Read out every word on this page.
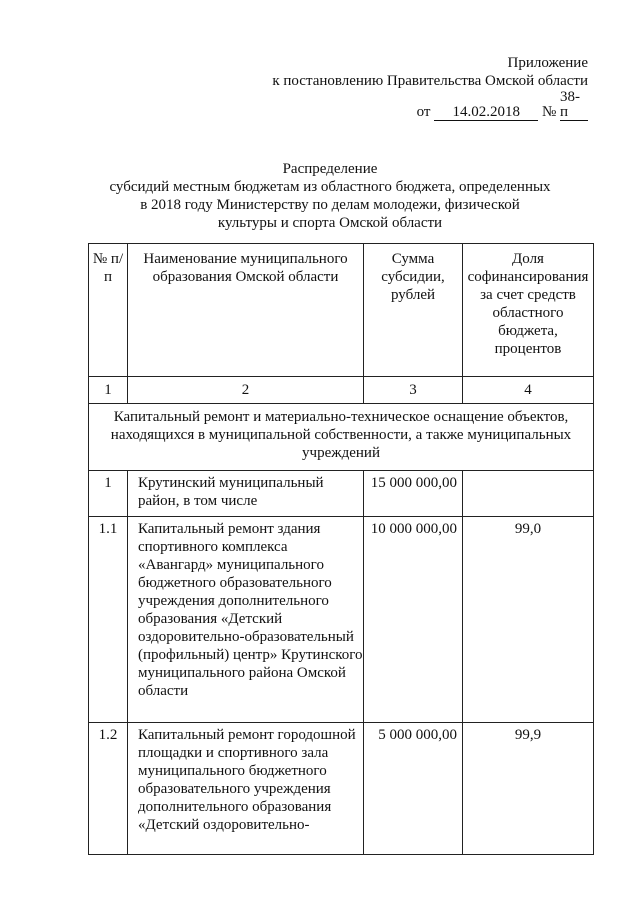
Приложение
к постановлению Правительства Омской области
от 14.02.2018 № 38-п
Распределение
субсидий местным бюджетам из областного бюджета, определенных
в 2018 году Министерству по делам молодежи, физической
культуры и спорта Омской области
№ п/п	Наименование муниципального образования Омской области	Сумма субсидии, рублей	Доля софинансирования за счет средств областного бюджета, процентов
1	2	3	4
Капитальный ремонт и материально-техническое оснащение объектов, находящихся в муниципальной собственности, а также муниципальных учреждений			
1	Крутинский муниципальный район, в том числе	15 000 000,00	
1.1	Капитальный ремонт здания спортивного комплекса «Авангард» муниципального бюджетного образовательного учреждения дополнительного образования «Детский оздоровительно-образовательный (профильный) центр» Крутинского муниципального района Омской области	10 000 000,00	99,0
1.2	Капитальный ремонт городошной площадки и спортивного зала муниципального бюджетного образовательного учреждения дополнительного образования «Детский оздоровительно-	5 000 000,00	99,9
